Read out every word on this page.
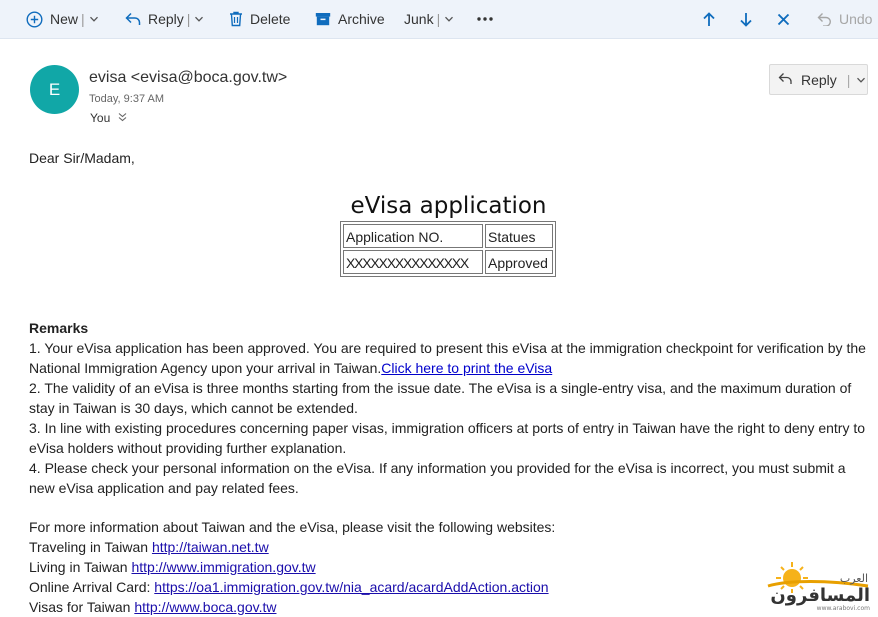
New |	Reply |	Delete	Archive Junk |	Undo
E
evisa <evisa@boca.gov.tw>
Today, 9:37 AM
You
Reply |
Dear Sir/Madam,
eVisa application
Application NO.	Statues
XXXXXXXXXXXXXXX	Approved
Remarks
1. Your eVisa application has been approved. You are required to present this eVisa at the immigration checkpoint for verification by the National Immigration Agency upon your arrival in Taiwan.Click here to print the eVisa
2. The validity of an eVisa is three months starting from the issue date. The eVisa is a single-entry visa, and the maximum duration of stay in Taiwan is 30 days, which cannot be extended.
3. In line with existing procedures concerning paper visas, immigration officers at ports of entry in Taiwan have the right to deny entry to eVisa holders without providing further explanation.
4. Please check your personal information on the eVisa. If any information you provided for the eVisa is incorrect, you must submit a new eVisa application and pay related fees.
For more information about Taiwan and the eVisa, please visit the following websites:
Traveling in Taiwan http://taiwan.net.tw
Living in Taiwan http://www.immigration.gov.tw
Online Arrival Card: https://oa1.immigration.gov.tw/nia_acard/acardAddAction.action
Visas for Taiwan http://www.boca.gov.tw
العرب
المسافرون
www.arabovi.com
